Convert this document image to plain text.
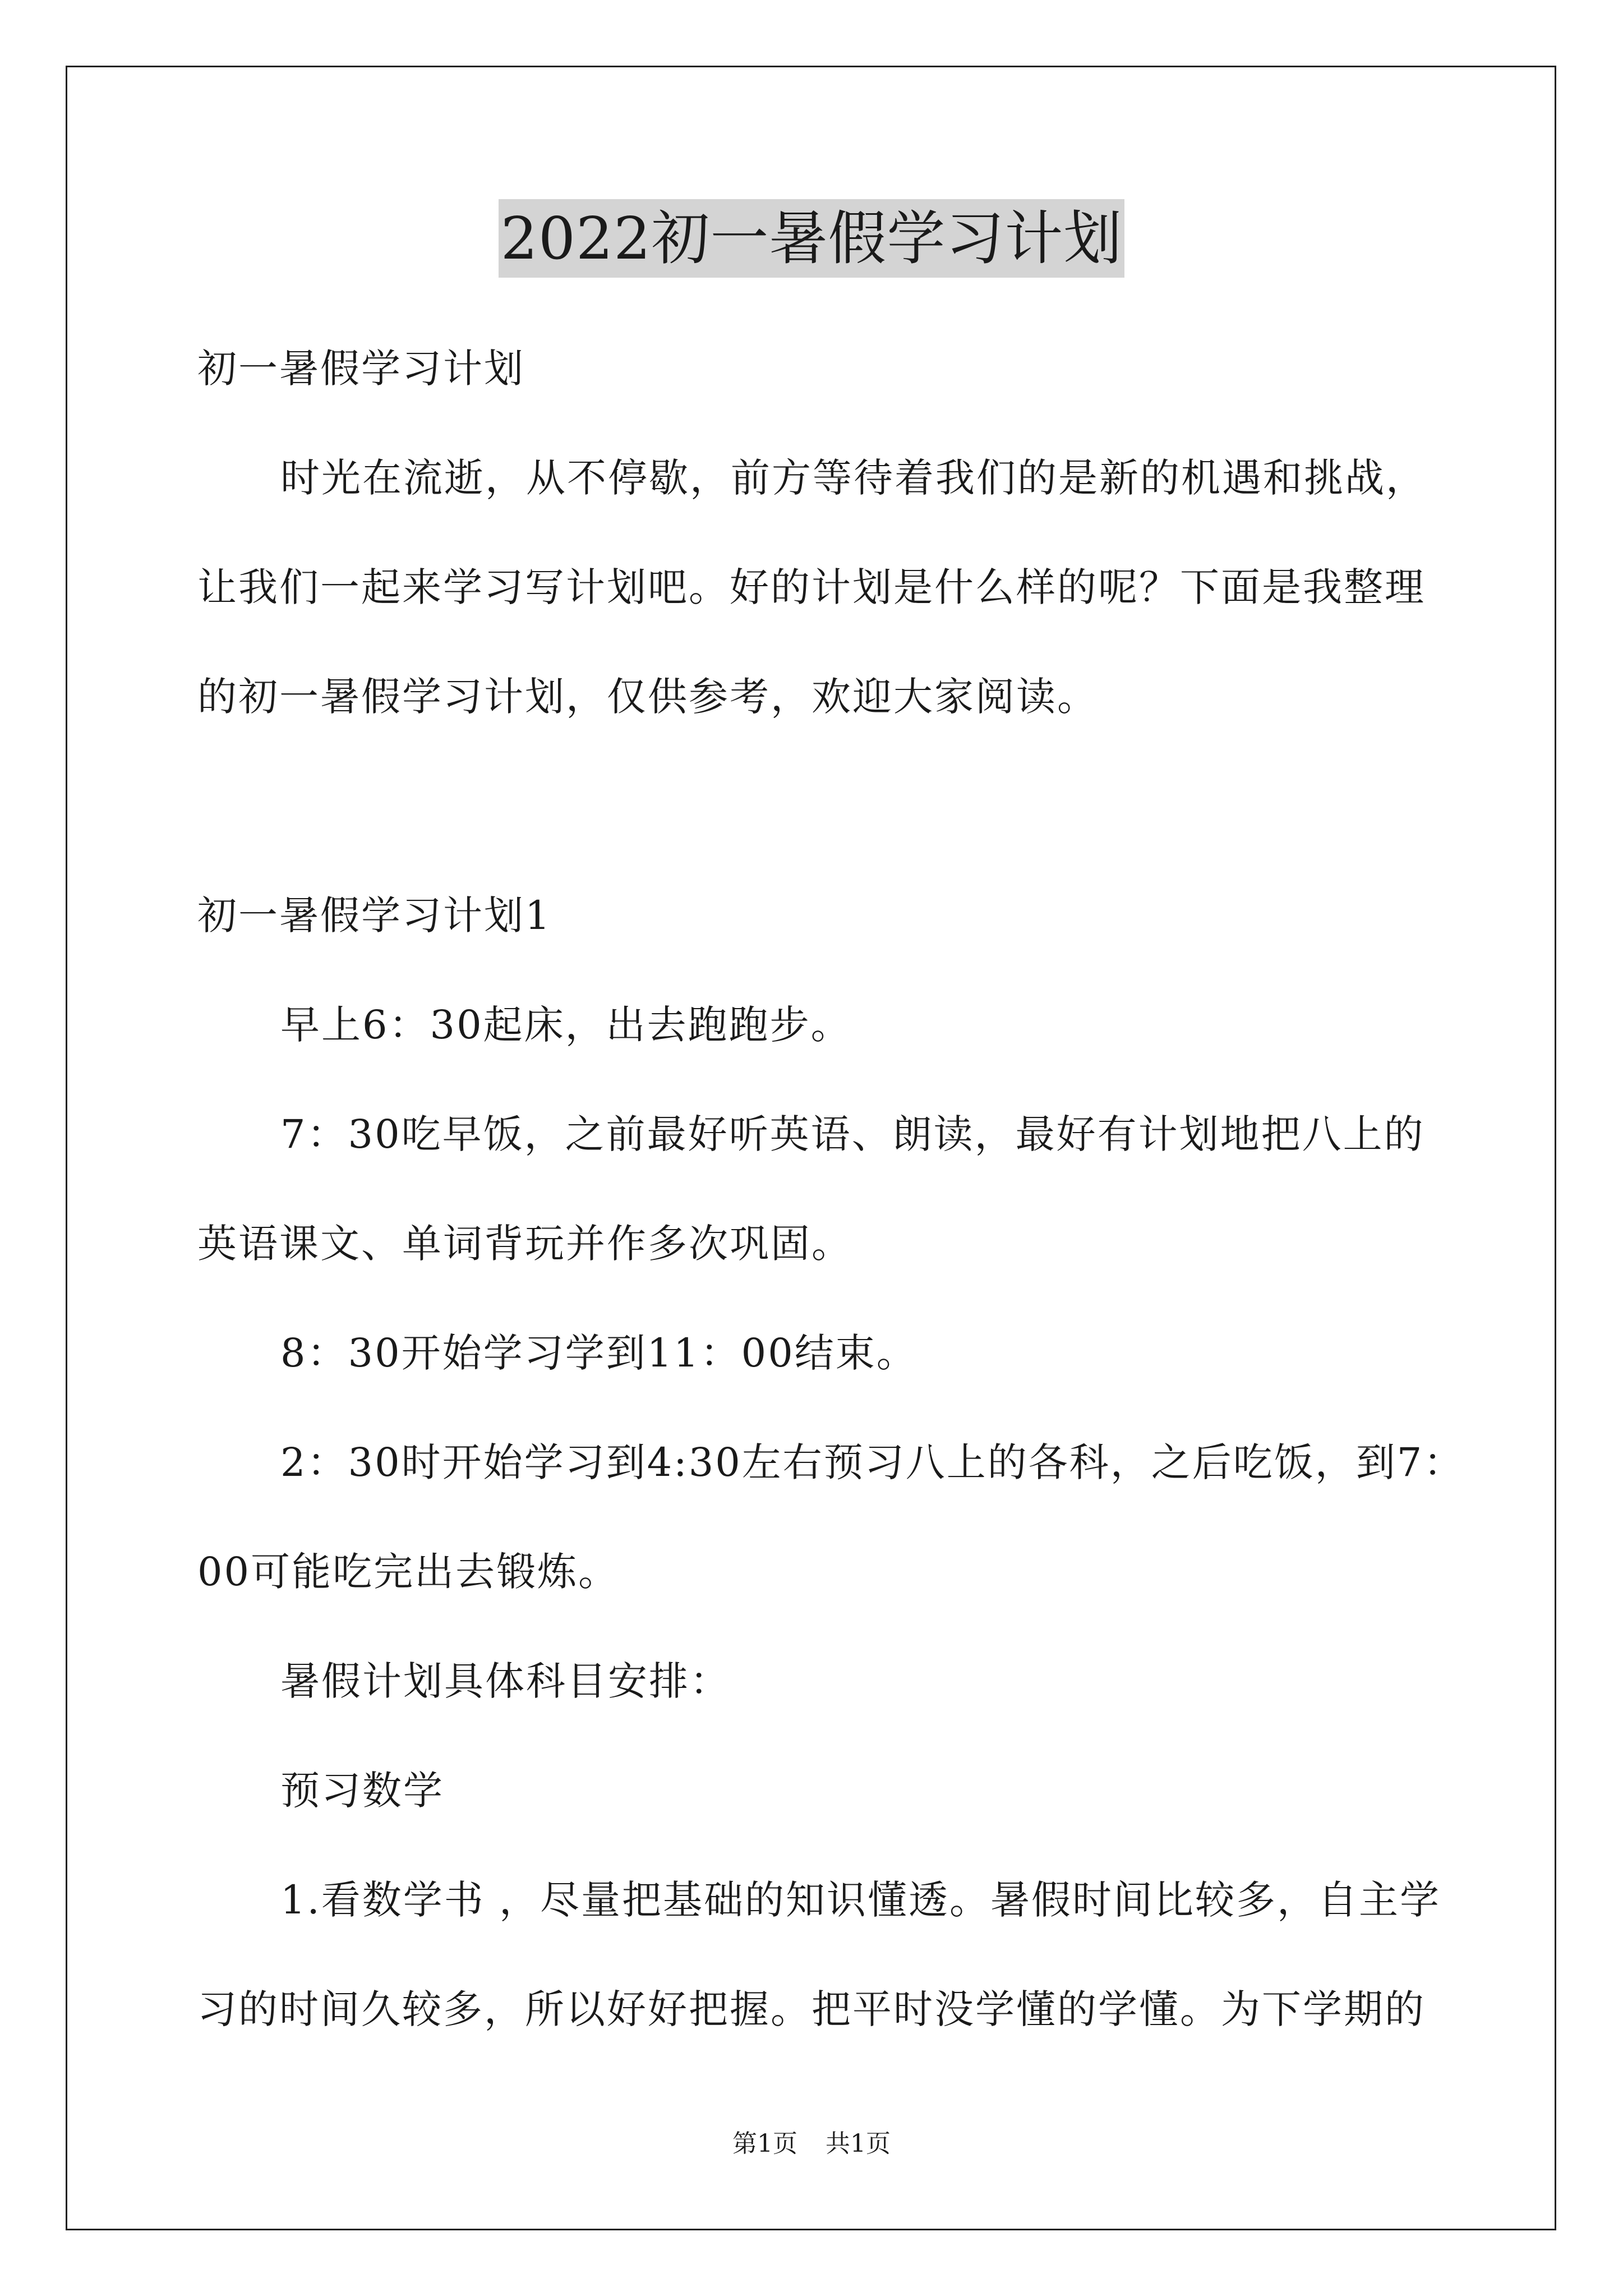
2022初一暑假学习计划
初一暑假学习计划
时光在流逝，从不停歇，前方等待着我们的是新的机遇和挑战，
让我们一起来学习写计划吧。好的计划是什么样的呢？下面是我整理
的初一暑假学习计划，仅供参考，欢迎大家阅读。
初一暑假学习计划1
早上6：30起床，出去跑跑步。
7：30吃早饭，之前最好听英语、朗读，最好有计划地把八上的
英语课文、单词背玩并作多次巩固。
8：30开始学习学到11：00结束。
2：30时开始学习到4:30左右预习八上的各科，之后吃饭，到7：
00可能吃完出去锻炼。
暑假计划具体科目安排：
预习数学
1.看数学书 ，尽量把基础的知识懂透。暑假时间比较多，自主学
习的时间久较多，所以好好把握。把平时没学懂的学懂。为下学期的
第1页 共1页
